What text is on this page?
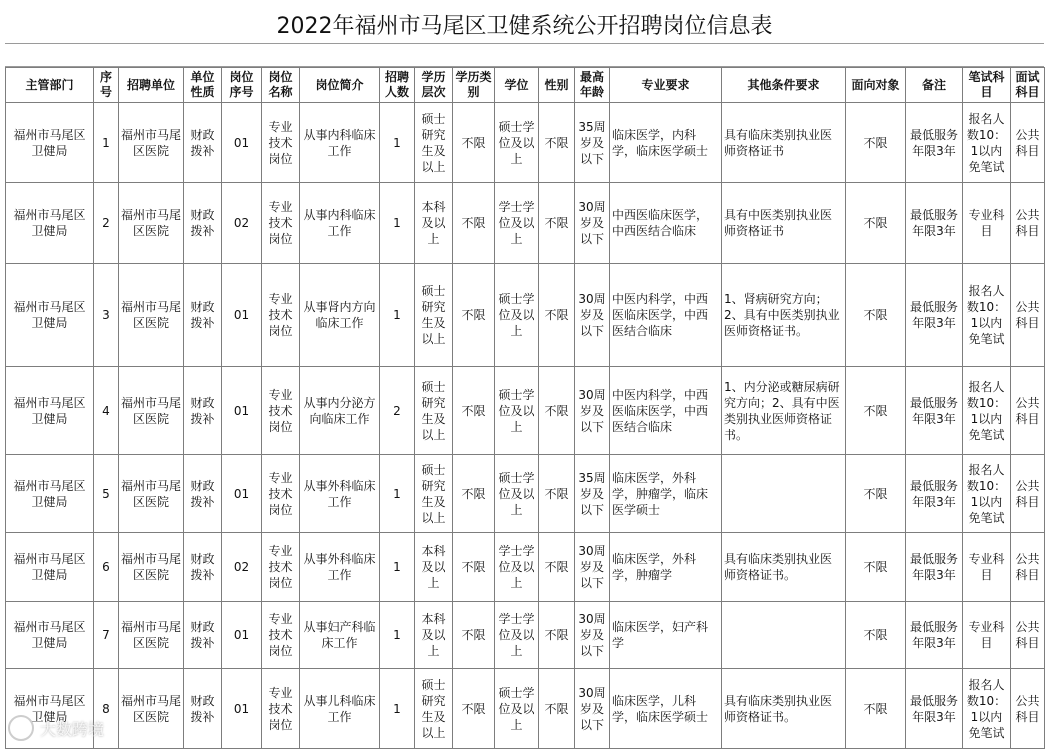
2022年福州市马尾区卫健系统公开招聘岗位信息表
主管部门	序号	招聘单位	单位性质	岗位序号	岗位名称	岗位简介	招聘人数	学历层次	学历类别	学位	性别	最高年龄	专业要求	其他条件要求	面向对象	备注	笔试科目	面试科目
福州市马尾区卫健局	1	福州市马尾区医院	财政拨补	01	专业技术岗位	从事内科临床工作	1	硕士研究生及以上	不限	硕士学位及以上	不限	35周岁及以下	临床医学，内科学，临床医学硕士	具有临床类别执业医师资格证书	不限	最低服务年限3年	报名人数10：1以内免笔试	公共科目
福州市马尾区卫健局	2	福州市马尾区医院	财政拨补	02	专业技术岗位	从事内科临床工作	1	本科及以上	不限	学士学位及以上	不限	30周岁及以下	中西医临床医学，中西医结合临床	具有中医类别执业医师资格证书	不限	最低服务年限3年	专业科目	公共科目
福州市马尾区卫健局	3	福州市马尾区医院	财政拨补	01	专业技术岗位	从事肾内方向临床工作	1	硕士研究生及以上	不限	硕士学位及以上	不限	30周岁及以下	中医内科学，中西医临床医学，中西医结合临床	1、肾病研究方向；2、具有中医类别执业医师资格证书。	不限	最低服务年限3年	报名人数10：1以内免笔试	公共科目
福州市马尾区卫健局	4	福州市马尾区医院	财政拨补	01	专业技术岗位	从事内分泌方向临床工作	2	硕士研究生及以上	不限	硕士学位及以上	不限	30周岁及以下	中医内科学，中西医临床医学，中西医结合临床	1、内分泌或糖尿病研究方向；2、具有中医类别执业医师资格证书。	不限	最低服务年限3年	报名人数10：1以内免笔试	公共科目
福州市马尾区卫健局	5	福州市马尾区医院	财政拨补	01	专业技术岗位	从事外科临床工作	1	硕士研究生及以上	不限	硕士学位及以上	不限	35周岁及以下	临床医学，外科学，肿瘤学，临床医学硕士		不限	最低服务年限3年	报名人数10：1以内免笔试	公共科目
福州市马尾区卫健局	6	福州市马尾区医院	财政拨补	02	专业技术岗位	从事外科临床工作	1	本科及以上	不限	学士学位及以上	不限	30周岁及以下	临床医学，外科学，肿瘤学	具有临床类别执业医师资格证书。	不限	最低服务年限3年	专业科目	公共科目
福州市马尾区卫健局	7	福州市马尾区医院	财政拨补	01	专业技术岗位	从事妇产科临床工作	1	本科及以上	不限	学士学位及以上	不限	30周岁及以下	临床医学，妇产科学		不限	最低服务年限3年	专业科目	公共科目
福州市马尾区卫健局	8	福州市马尾区医院	财政拨补	01	专业技术岗位	从事儿科临床工作	1	硕士研究生及以上	不限	硕士学位及以上	不限	30周岁及以下	临床医学，儿科学，临床医学硕士	具有临床类别执业医师资格证书。	不限	最低服务年限3年	报名人数10：1以内免笔试	公共科目
大数跨境
